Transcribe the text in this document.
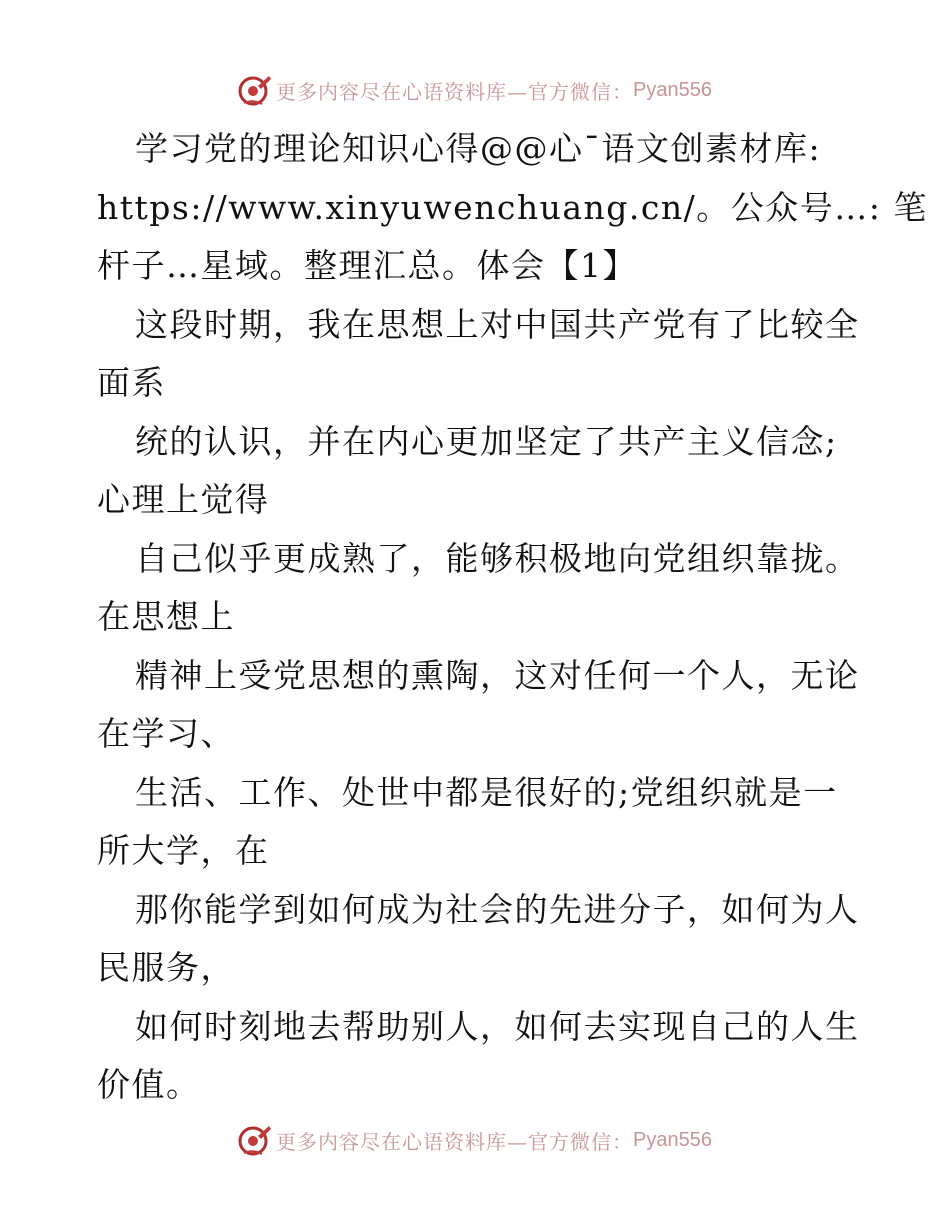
更多内容尽在心语资料库—官方微信： Pyan556
学习党的理论知识心得@@心¯语文创素材库:
https://www.xinyuwenchuang.cn/。公众号…: 笔
杆子…星域。整理汇总。体会【1】
这段时期，我在思想上对中国共产党有了比较全
面系
统的认识，并在内心更加坚定了共产主义信念;
心理上觉得
自己似乎更成熟了，能够积极地向党组织靠拢。
在思想上
精神上受党思想的熏陶，这对任何一个人，无论
在学习、
生活、工作、处世中都是很好的;党组织就是一
所大学，在
那你能学到如何成为社会的先进分子，如何为人
民服务，
如何时刻地去帮助别人，如何去实现自己的人生
价值。
更多内容尽在心语资料库—官方微信： Pyan556
